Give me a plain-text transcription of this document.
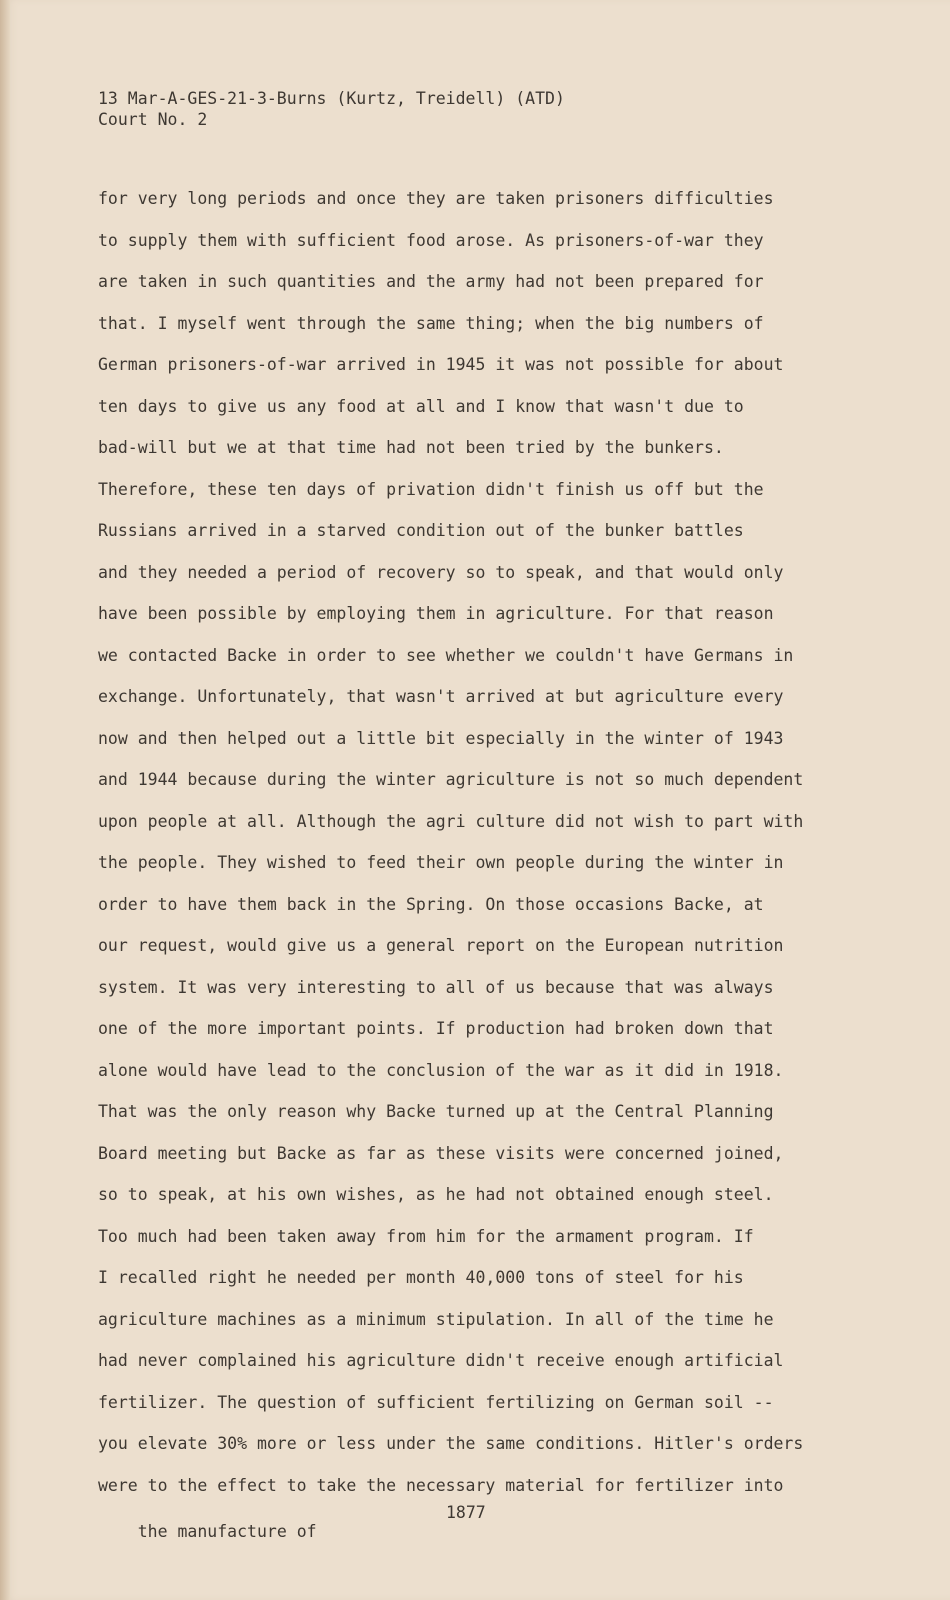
13 Mar-A-GES-21-3-Burns (Kurtz, Treidell) (ATD)
Court No. 2
for very long periods and once they are taken prisoners difficulties
to supply them with sufficient food arose. As prisoners-of-war they
are taken in such quantities and the army had not been prepared for
that. I myself went through the same thing; when the big numbers of
German prisoners-of-war arrived in 1945 it was not possible for about
ten days to give us any food at all and I know that wasn't due to
bad-will but we at that time had not been tried by the bunkers.
Therefore, these ten days of privation didn't finish us off but the
Russians arrived in a starved condition out of the bunker battles
and they needed a period of recovery so to speak, and that would only
have been possible by employing them in agriculture. For that reason
we contacted Backe in order to see whether we couldn't have Germans in
exchange. Unfortunately, that wasn't arrived at but agriculture every
now and then helped out a little bit especially in the winter of 1943
and 1944 because during the winter agriculture is not so much dependent
upon people at all. Although the agri culture did not wish to part with
the people. They wished to feed their own people during the winter in
order to have them back in the Spring. On those occasions Backe, at
our request, would give us a general report on the European nutrition
system. It was very interesting to all of us because that was always
one of the more important points. If production had broken down that
alone would have lead to the conclusion of the war as it did in 1918.
That was the only reason why Backe turned up at the Central Planning
Board meeting but Backe as far as these visits were concerned joined,
so to speak, at his own wishes, as he had not obtained enough steel.
Too much had been taken away from him for the armament program. If
I recalled right he needed per month 40,000 tons of steel for his
agriculture machines as a minimum stipulation. In all of the time he
had never complained his agriculture didn't receive enough artificial
fertilizer. The question of sufficient fertilizing on German soil --
you elevate 30% more or less under the same conditions. Hitler's orders
were to the effect to take the necessary material for fertilizer into

the manufacture of

1877
